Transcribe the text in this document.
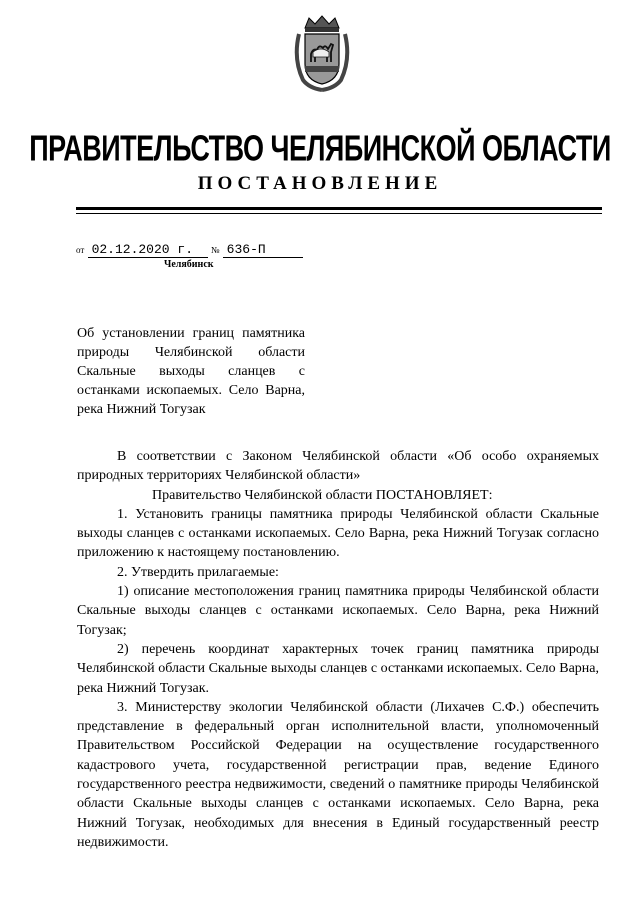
ПРАВИТЕЛЬСТВО ЧЕЛЯБИНСКОЙ ОБЛАСТИ
ПОСТАНОВЛЕНИЕ
от 02.12.2020 г. № 636-П
Челябинск
Об установлении границ памятника природы Челябинской области Скальные выходы сланцев с останками ископаемых. Село Варна, река Нижний Тогузак

В соответствии с Законом Челябинской области «Об особо охраняемых природных территориях Челябинской области»

Правительство Челябинской области ПОСТАНОВЛЯЕТ:

1. Установить границы памятника природы Челябинской области Скальные выходы сланцев с останками ископаемых. Село Варна, река Нижний Тогузак согласно приложению к настоящему постановлению.

2. Утвердить прилагаемые:

1) описание местоположения границ памятника природы Челябинской области Скальные выходы сланцев с останками ископаемых. Село Варна, река Нижний Тогузак;

2) перечень координат характерных точек границ памятника природы Челябинской области Скальные выходы сланцев с останками ископаемых. Село Варна, река Нижний Тогузак.

3. Министерству экологии Челябинской области (Лихачев С.Ф.) обеспечить представление в федеральный орган исполнительной власти, уполномоченный Правительством Российской Федерации на осуществление государственного кадастрового учета, государственной регистрации прав, ведение Единого государственного реестра недвижимости, сведений о памятнике природы Челябинской области Скальные выходы сланцев с останками ископаемых. Село Варна, река Нижний Тогузак, необходимых для внесения в Единый государственный реестр недвижимости.
